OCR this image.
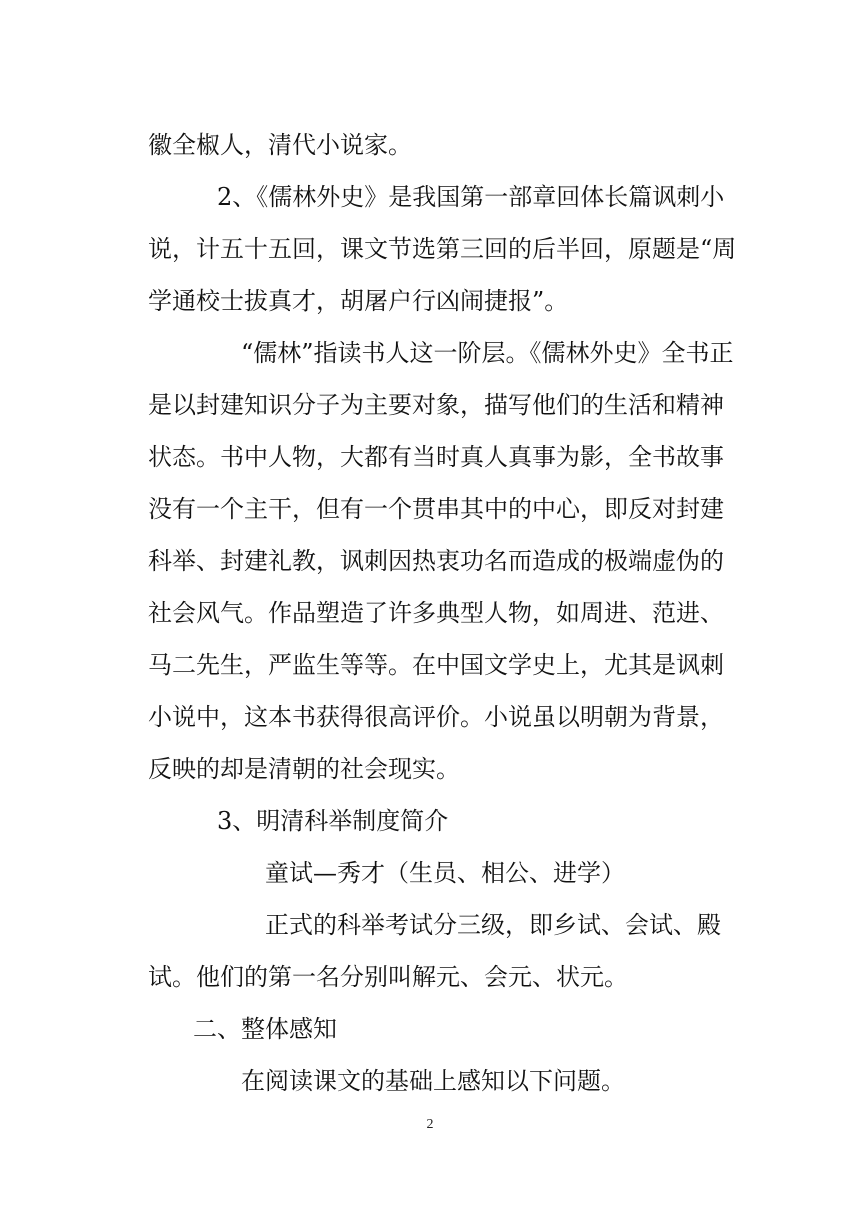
徽全椒人，清代小说家。
2、《儒林外史》是我国第一部章回体长篇讽刺小
说，计五十五回，课文节选第三回的后半回，原题是“周
学通校士拔真才，胡屠户行凶闹捷报”。
“儒林”指读书人这一阶层。《儒林外史》全书正
是以封建知识分子为主要对象，描写他们的生活和精神
状态。书中人物，大都有当时真人真事为影，全书故事
没有一个主干，但有一个贯串其中的中心，即反对封建
科举、封建礼教，讽刺因热衷功名而造成的极端虚伪的
社会风气。作品塑造了许多典型人物，如周进、范进、
马二先生，严监生等等。在中国文学史上，尤其是讽刺
小说中，这本书获得很高评价。小说虽以明朝为背景，
反映的却是清朝的社会现实。
3、明清科举制度简介
童试—秀才（生员、相公、进学）
正式的科举考试分三级，即乡试、会试、殿
试。他们的第一名分别叫解元、会元、状元。
二、整体感知
在阅读课文的基础上感知以下问题。
2
